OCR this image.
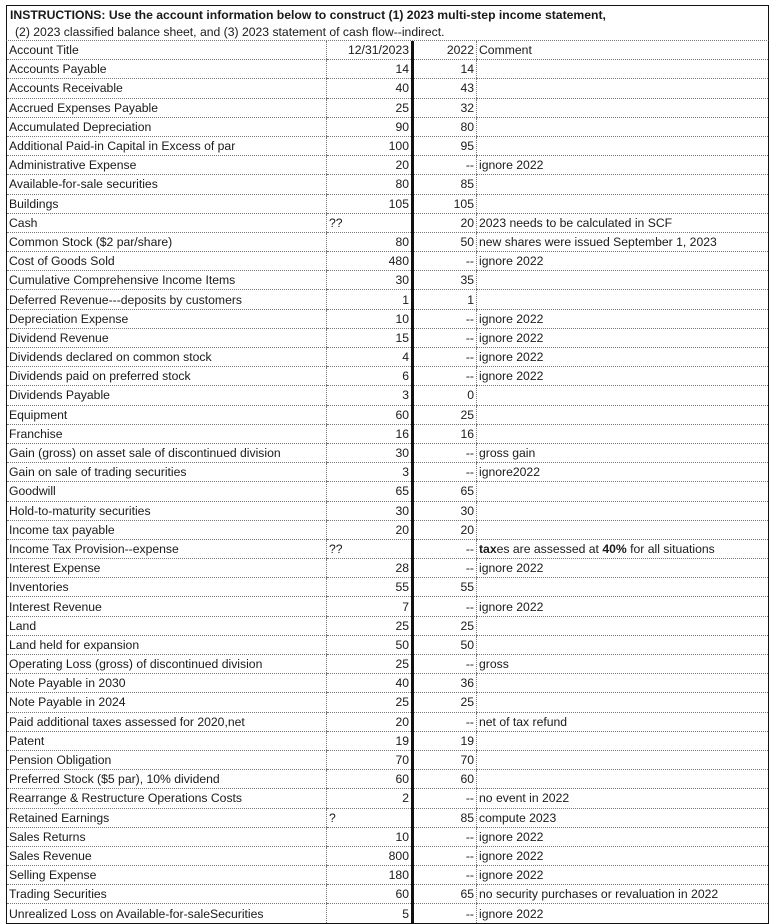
INSTRUCTIONS: Use the account information below to construct (1) 2023 multi-step income statement,
(2) 2023 classified balance sheet, and (3) 2023 statement of cash flow--indirect.
Account Title	12/31/2023	2022	Comment
Accounts Payable	14	14	
Accounts Receivable	40	43	
Accrued Expenses Payable	25	32	
Accumulated Depreciation	90	80	
Additional Paid-in Capital in Excess of par	100	95	
Administrative Expense	20	--	ignore 2022
Available-for-sale securities	80	85	
Buildings	105	105	
Cash	??	20	2023 needs to be calculated in SCF
Common Stock ($2 par/share)	80	50	new shares were issued September 1, 2023
Cost of Goods Sold	480	--	ignore 2022
Cumulative Comprehensive Income Items	30	35	
Deferred Revenue---deposits by customers	1	1	
Depreciation Expense	10	--	ignore 2022
Dividend Revenue	15	--	ignore 2022
Dividends declared on common stock	4	--	ignore 2022
Dividends paid on preferred stock	6	--	ignore 2022
Dividends Payable	3	0	
Equipment	60	25	
Franchise	16	16	
Gain (gross) on asset sale of discontinued division	30	--	gross gain
Gain on sale of trading securities	3	--	ignore2022
Goodwill	65	65	
Hold-to-maturity securities	30	30	
Income tax payable	20	20	
Income Tax Provision--expense	??	--	taxes are assessed at 40% for all situations
Interest Expense	28	--	ignore 2022
Inventories	55	55	
Interest Revenue	7	--	ignore 2022
Land	25	25	
Land held for expansion	50	50	
Operating Loss (gross) of discontinued division	25	--	gross
Note Payable in 2030	40	36	
Note Payable in 2024	25	25	
Paid additional taxes assessed for 2020,net	20	--	net of tax refund
Patent	19	19	
Pension Obligation	70	70	
Preferred Stock ($5 par), 10% dividend	60	60	
Rearrange & Restructure Operations Costs	2	--	no event in 2022
Retained Earnings	?	85	compute 2023
Sales Returns	10	--	ignore 2022
Sales Revenue	800	--	ignore 2022
Selling Expense	180	--	ignore 2022
Trading Securities	60	65	no security purchases or revaluation in 2022
Unrealized Loss on Available-for-saleSecurities	5	--	ignore 2022
